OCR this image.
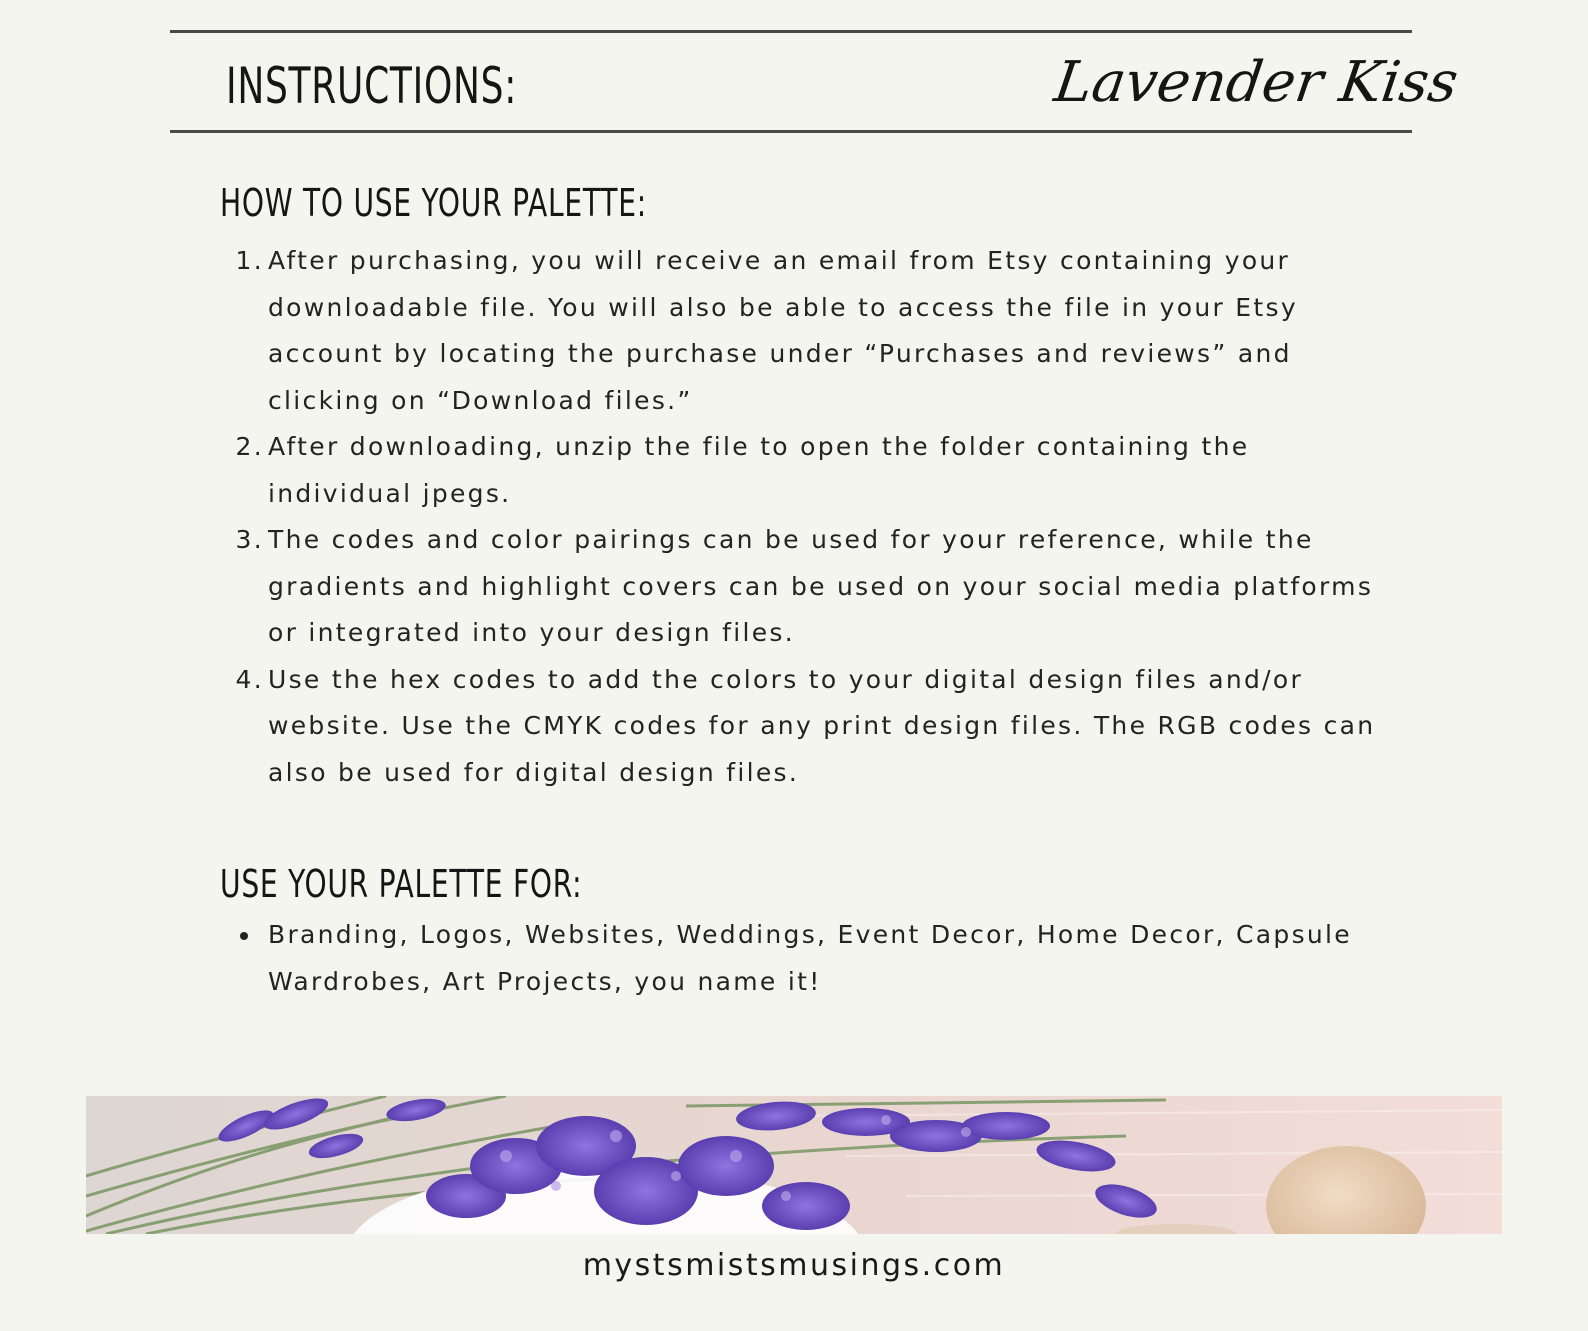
INSTRUCTIONS:	Lavender Kiss
HOW TO USE YOUR PALETTE:
1. After purchasing, you will receive an email from Etsy containing your downloadable file. You will also be able to access the file in your Etsy account by locating the purchase under “Purchases and reviews” and clicking on “Download files.”
2. After downloading, unzip the file to open the folder containing the individual jpegs.
3. The codes and color pairings can be used for your reference, while the gradients and highlight covers can be used on your social media platforms or integrated into your design files.
4. Use the hex codes to add the colors to your digital design files and/or website. Use the CMYK codes for any print design files. The RGB codes can also be used for digital design files.
USE YOUR PALETTE FOR:
Branding, Logos, Websites, Weddings, Event Decor, Home Decor, Capsule Wardrobes, Art Projects, you name it!
mystsmistsmusings.com
